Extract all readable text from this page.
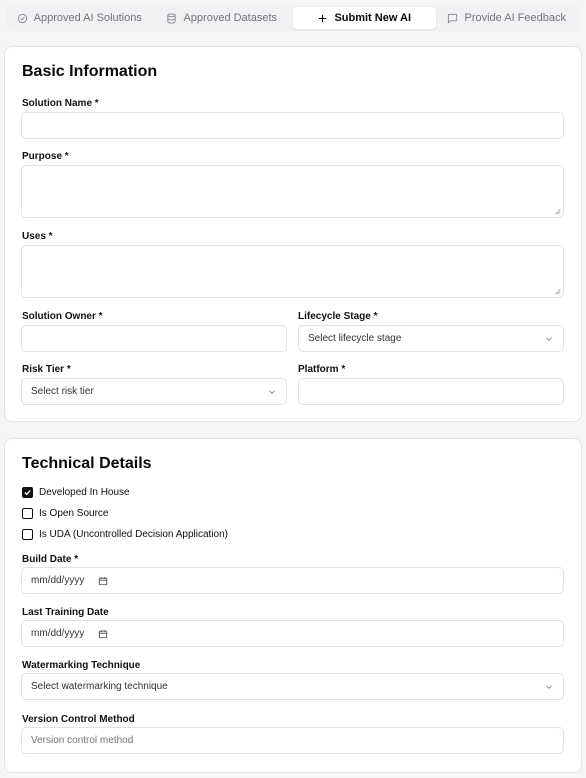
Approved AI Solutions	Approved Datasets	Submit New AI	Provide AI Feedback
Basic Information
Solution Name *
Purpose *
Uses *
Solution Owner *	Lifecycle Stage *
Select lifecycle stage
Risk Tier *
Select risk tier
Platform *
Technical Details
Developed In House
Is Open Source
Is UDA (Uncontrolled Decision Application)
Build Date *
mm/dd/yyyy
Last Training Date
mm/dd/yyyy
Watermarking Technique
Select watermarking technique
Version Control Method
Version control method
